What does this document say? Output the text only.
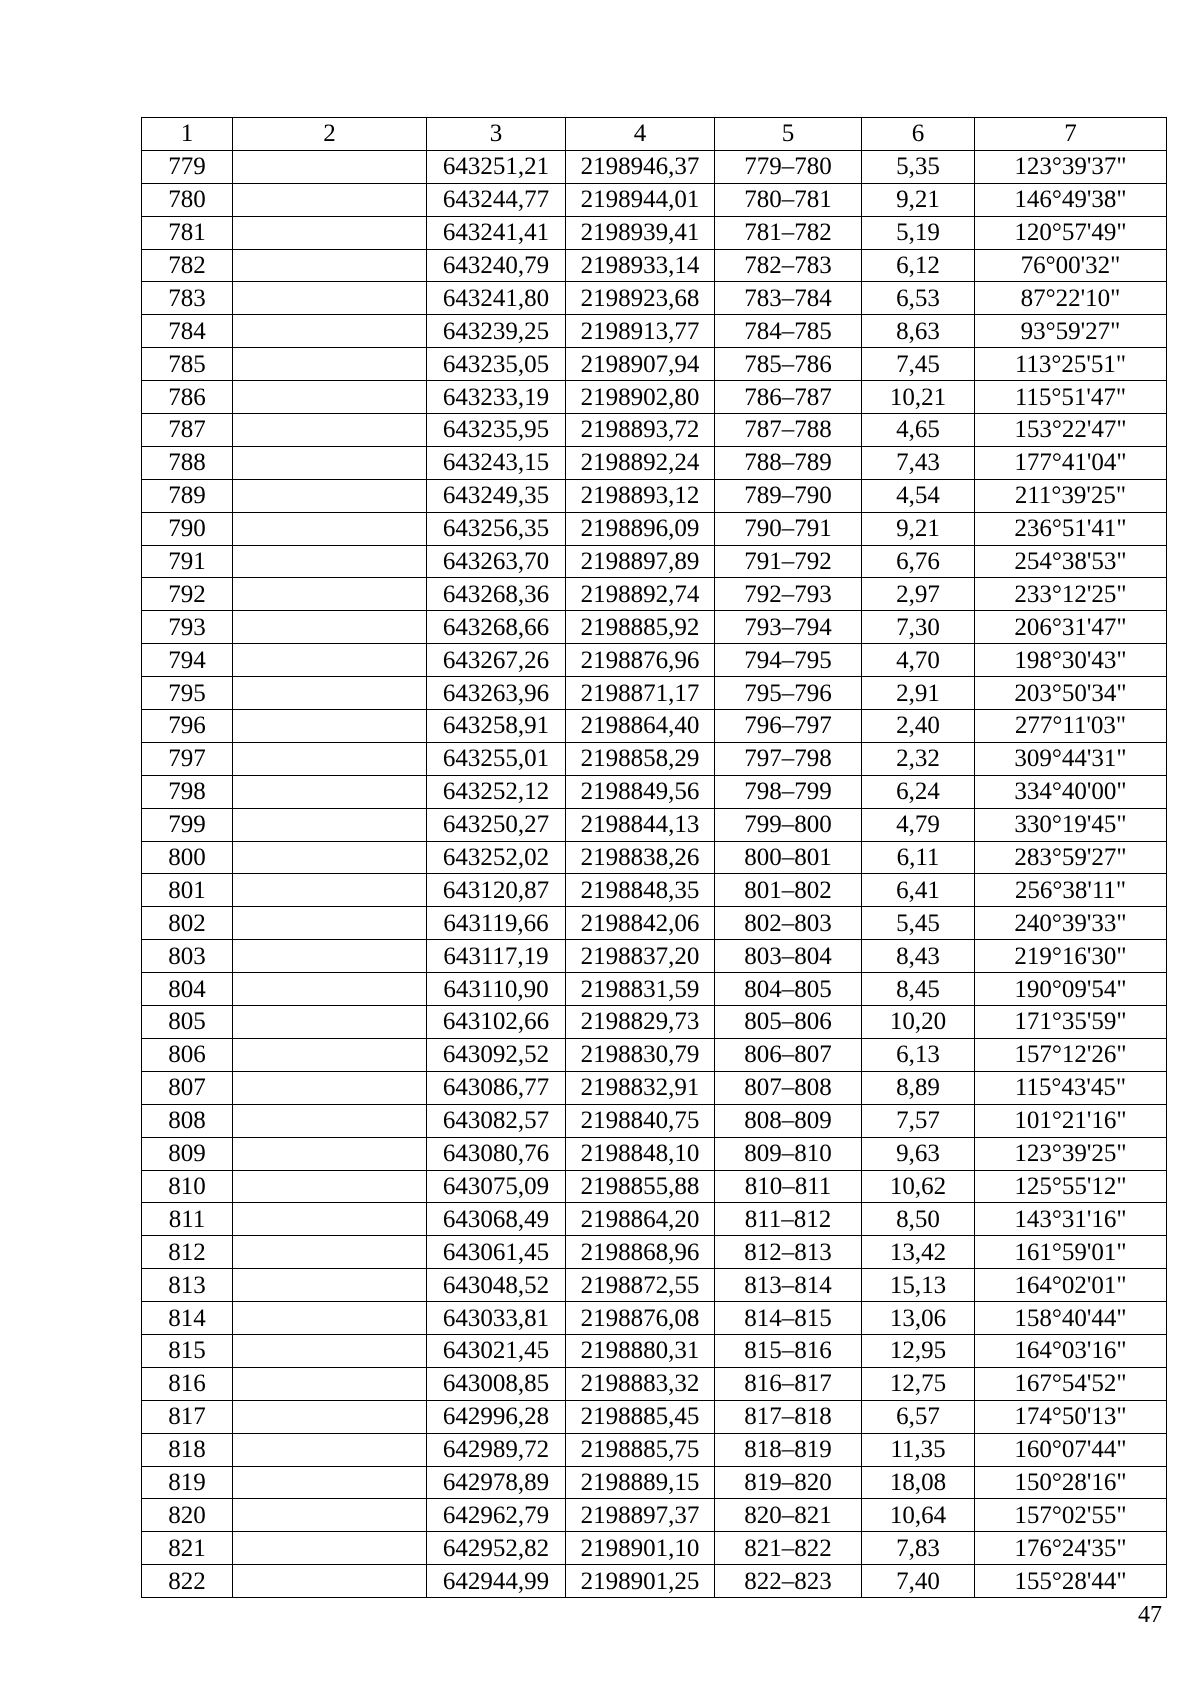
1	2	3	4	5	6	7
779		643251,21	2198946,37	779–780	5,35	123°39'37"
780		643244,77	2198944,01	780–781	9,21	146°49'38"
781		643241,41	2198939,41	781–782	5,19	120°57'49"
782		643240,79	2198933,14	782–783	6,12	76°00'32"
783		643241,80	2198923,68	783–784	6,53	87°22'10"
784		643239,25	2198913,77	784–785	8,63	93°59'27"
785		643235,05	2198907,94	785–786	7,45	113°25'51"
786		643233,19	2198902,80	786–787	10,21	115°51'47"
787		643235,95	2198893,72	787–788	4,65	153°22'47"
788		643243,15	2198892,24	788–789	7,43	177°41'04"
789		643249,35	2198893,12	789–790	4,54	211°39'25"
790		643256,35	2198896,09	790–791	9,21	236°51'41"
791		643263,70	2198897,89	791–792	6,76	254°38'53"
792		643268,36	2198892,74	792–793	2,97	233°12'25"
793		643268,66	2198885,92	793–794	7,30	206°31'47"
794		643267,26	2198876,96	794–795	4,70	198°30'43"
795		643263,96	2198871,17	795–796	2,91	203°50'34"
796		643258,91	2198864,40	796–797	2,40	277°11'03"
797		643255,01	2198858,29	797–798	2,32	309°44'31"
798		643252,12	2198849,56	798–799	6,24	334°40'00"
799		643250,27	2198844,13	799–800	4,79	330°19'45"
800		643252,02	2198838,26	800–801	6,11	283°59'27"
801		643120,87	2198848,35	801–802	6,41	256°38'11"
802		643119,66	2198842,06	802–803	5,45	240°39'33"
803		643117,19	2198837,20	803–804	8,43	219°16'30"
804		643110,90	2198831,59	804–805	8,45	190°09'54"
805		643102,66	2198829,73	805–806	10,20	171°35'59"
806		643092,52	2198830,79	806–807	6,13	157°12'26"
807		643086,77	2198832,91	807–808	8,89	115°43'45"
808		643082,57	2198840,75	808–809	7,57	101°21'16"
809		643080,76	2198848,10	809–810	9,63	123°39'25"
810		643075,09	2198855,88	810–811	10,62	125°55'12"
811		643068,49	2198864,20	811–812	8,50	143°31'16"
812		643061,45	2198868,96	812–813	13,42	161°59'01"
813		643048,52	2198872,55	813–814	15,13	164°02'01"
814		643033,81	2198876,08	814–815	13,06	158°40'44"
815		643021,45	2198880,31	815–816	12,95	164°03'16"
816		643008,85	2198883,32	816–817	12,75	167°54'52"
817		642996,28	2198885,45	817–818	6,57	174°50'13"
818		642989,72	2198885,75	818–819	11,35	160°07'44"
819		642978,89	2198889,15	819–820	18,08	150°28'16"
820		642962,79	2198897,37	820–821	10,64	157°02'55"
821		642952,82	2198901,10	821–822	7,83	176°24'35"
822		642944,99	2198901,25	822–823	7,40	155°28'44"
47
